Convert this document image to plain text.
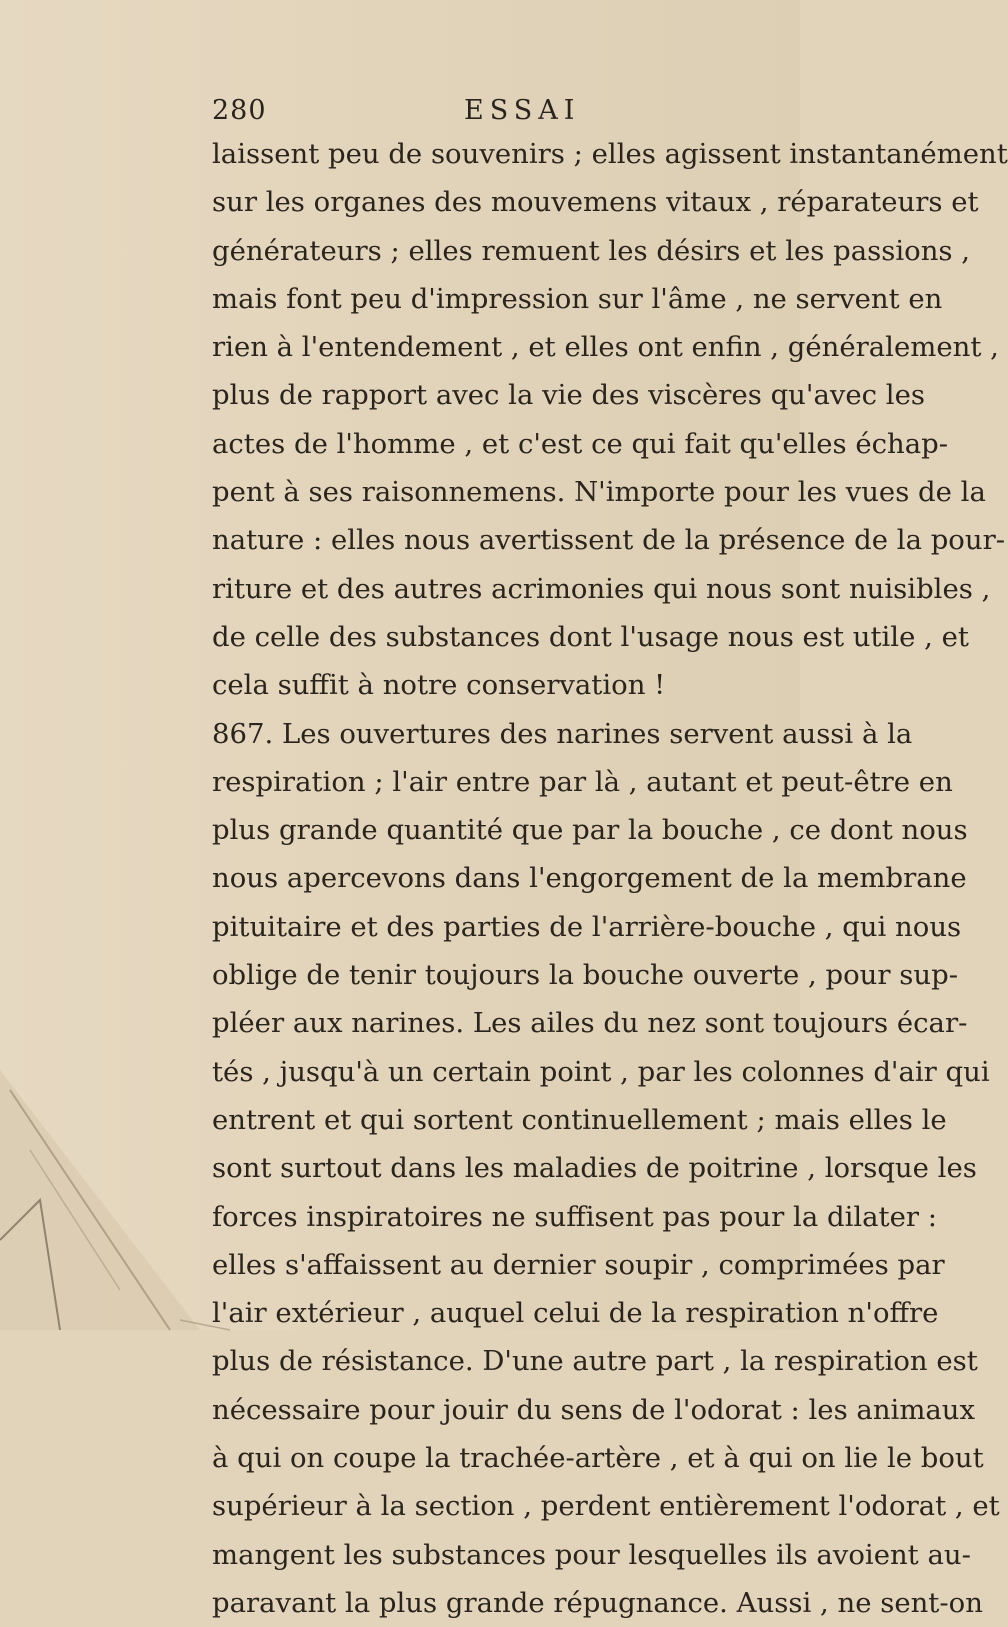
280	ESSAI
laissent peu de souvenirs ; elles agissent instantanément
sur les organes des mouvemens vitaux , réparateurs et
générateurs ; elles remuent les désirs et les passions ,
mais font peu d'impression sur l'âme , ne servent en
rien à l'entendement , et elles ont enfin , généralement ,
plus de rapport avec la vie des viscères qu'avec les
actes de l'homme , et c'est ce qui fait qu'elles échap-
pent à ses raisonnemens. N'importe pour les vues de la
nature : elles nous avertissent de la présence de la pour-
riture et des autres acrimonies qui nous sont nuisibles ,
de celle des substances dont l'usage nous est utile , et
cela suffit à notre conservation !
867. Les ouvertures des narines servent aussi à la
respiration ; l'air entre par là , autant et peut-être en
plus grande quantité que par la bouche , ce dont nous
nous apercevons dans l'engorgement de la membrane
pituitaire et des parties de l'arrière-bouche , qui nous
oblige de tenir toujours la bouche ouverte , pour sup-
pléer aux narines. Les ailes du nez sont toujours écar-
tés , jusqu'à un certain point , par les colonnes d'air qui
entrent et qui sortent continuellement ; mais elles le
sont surtout dans les maladies de poitrine , lorsque les
forces inspiratoires ne suffisent pas pour la dilater :
elles s'affaissent au dernier soupir , comprimées par
l'air extérieur , auquel celui de la respiration n'offre
plus de résistance. D'une autre part , la respiration est
nécessaire pour jouir du sens de l'odorat : les animaux
à qui on coupe la trachée-artère , et à qui on lie le bout
supérieur à la section , perdent entièrement l'odorat , et
mangent les substances pour lesquelles ils avoient au-
paravant la plus grande répugnance. Aussi , ne sent-on
